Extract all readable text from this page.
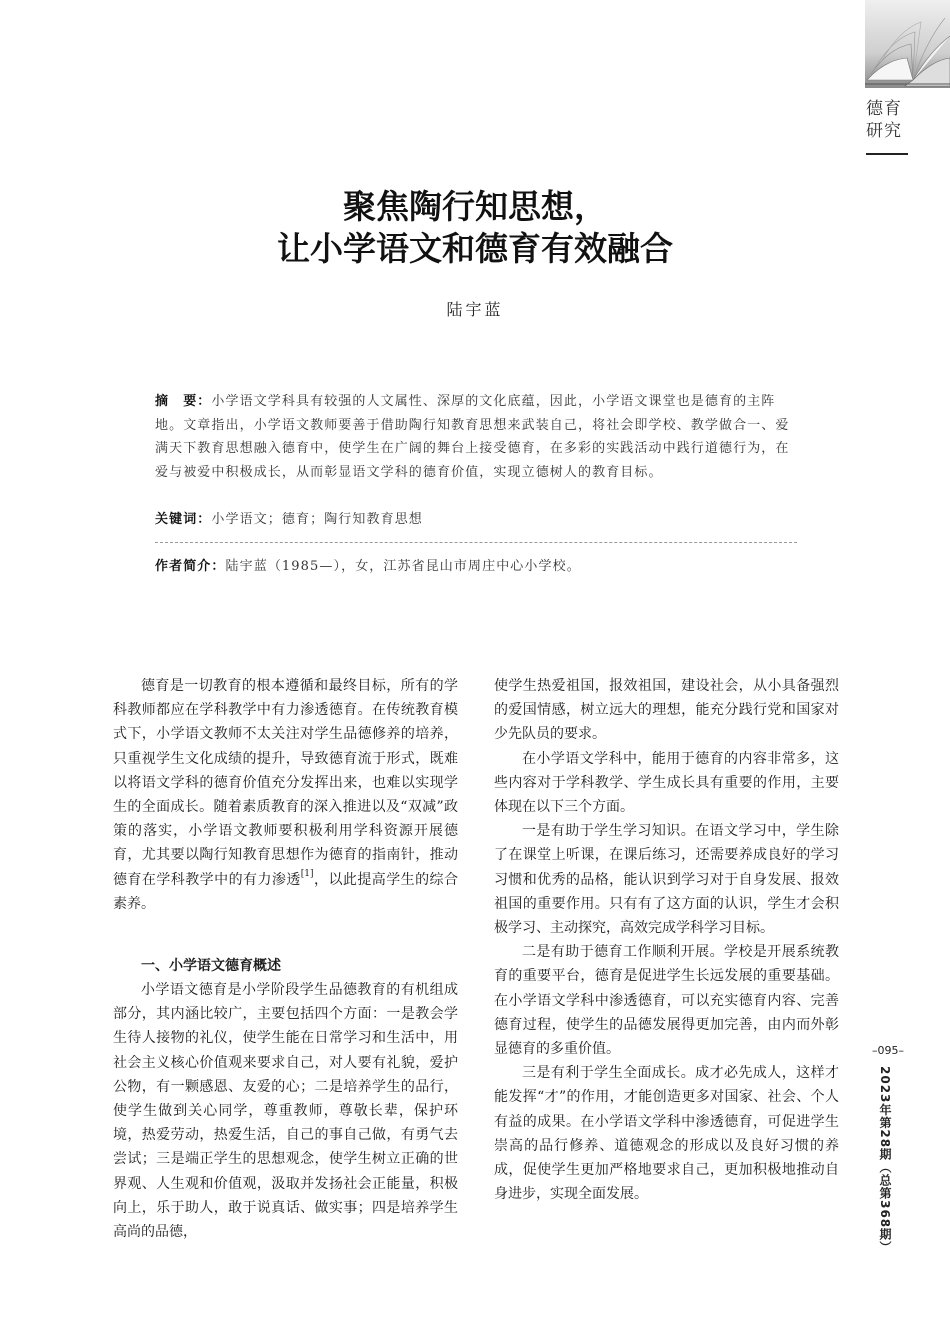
德育
研究
聚焦陶行知思想，
让小学语文和德育有效融合
陆宇蓝
摘　要：小学语文学科具有较强的人文属性、深厚的文化底蕴，因此，小学语文课堂也是德育的主阵地。文章指出，小学语文教师要善于借助陶行知教育思想来武装自己，将社会即学校、教学做合一、爱满天下教育思想融入德育中，使学生在广阔的舞台上接受德育，在多彩的实践活动中践行道德行为，在爱与被爱中积极成长，从而彰显语文学科的德育价值，实现立德树人的教育目标。
关键词：小学语文；德育；陶行知教育思想
作者简介：陆宇蓝（1985—），女，江苏省昆山市周庄中心小学校。

德育是一切教育的根本遵循和最终目标，所有的学科教师都应在学科教学中有力渗透德育。在传统教育模式下，小学语文教师不太关注对学生品德修养的培养，只重视学生文化成绩的提升，导致德育流于形式，既难以将语文学科的德育价值充分发挥出来，也难以实现学生的全面成长。随着素质教育的深入推进以及“双减”政策的落实，小学语文教师要积极利用学科资源开展德育，尤其要以陶行知教育思想作为德育的指南针，推动德育在学科教学中的有力渗透[1]，以此提高学生的综合素养。

一、小学语文德育概述

小学语文德育是小学阶段学生品德教育的有机组成部分，其内涵比较广，主要包括四个方面：一是教会学生待人接物的礼仪，使学生能在日常学习和生活中，用社会主义核心价值观来要求自己，对人要有礼貌，爱护公物，有一颗感恩、友爱的心；二是培养学生的品行，使学生做到关心同学，尊重教师，尊敬长辈，保护环境，热爱劳动，热爱生活，自己的事自己做，有勇气去尝试；三是端正学生的思想观念，使学生树立正确的世界观、人生观和价值观，汲取并发扬社会正能量，积极向上，乐于助人，敢于说真话、做实事；四是培养学生高尚的品德，

使学生热爱祖国，报效祖国，建设社会，从小具备强烈的爱国情感，树立远大的理想，能充分践行党和国家对少先队员的要求。

在小学语文学科中，能用于德育的内容非常多，这些内容对于学科教学、学生成长具有重要的作用，主要体现在以下三个方面。

一是有助于学生学习知识。在语文学习中，学生除了在课堂上听课，在课后练习，还需要养成良好的学习习惯和优秀的品格，能认识到学习对于自身发展、报效祖国的重要作用。只有有了这方面的认识，学生才会积极学习、主动探究，高效完成学科学习目标。

二是有助于德育工作顺利开展。学校是开展系统教育的重要平台，德育是促进学生长远发展的重要基础。在小学语文学科中渗透德育，可以充实德育内容、完善德育过程，使学生的品德发展得更加完善，由内而外彰显德育的多重价值。

三是有利于学生全面成长。成才必先成人，这样才能发挥“才”的作用，才能创造更多对国家、社会、个人有益的成果。在小学语文学科中渗透德育，可促进学生崇高的品行修养、道德观念的形成以及良好习惯的养成，促使学生更加严格地要求自己，更加积极地推动自身进步，实现全面发展。

–095–
2023年第28期（总第368期）
